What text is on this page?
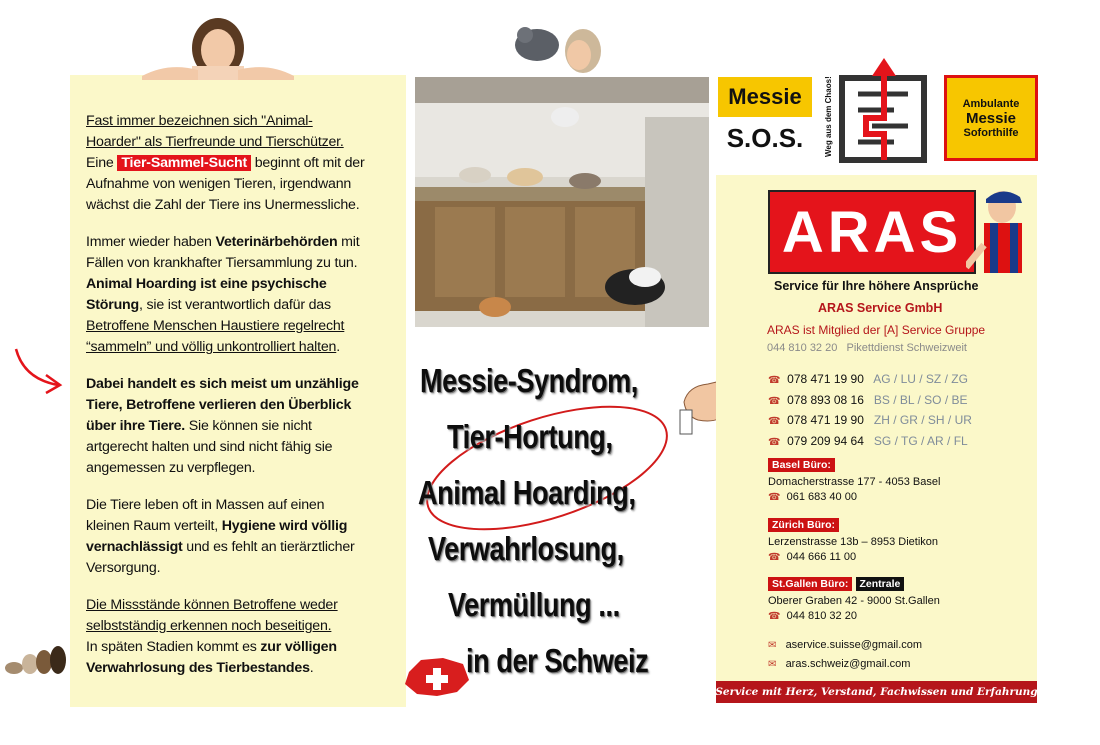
Fast immer bezeichnen sich "Animal-
Hoarder" als Tierfreunde und Tierschützer.
Eine Tier-Sammel-Sucht beginnt oft mit der
Aufnahme von wenigen Tieren, irgendwann
wächst die Zahl der Tiere ins Unermessliche.
Immer wieder haben Veterinärbehörden mit
Fällen von krankhafter Tiersammlung zu tun.
Animal Hoarding ist eine psychische
Störung, sie ist verantwortlich dafür das
Betroffene Menschen Haustiere regelrecht
“sammeln” und völlig unkontrolliert halten.
Dabei handelt es sich meist um unzählige
Tiere, Betroffene verlieren den Überblick
über ihre Tiere. Sie können sie nicht
artgerecht halten und sind nicht fähig sie
angemessen zu verpflegen.
Die Tiere leben oft in Massen auf einen
kleinen Raum verteilt, Hygiene wird völlig
vernachlässigt und es fehlt an tierärztlicher
Versorgung.
Die Missstände können Betroffene weder
selbstständig erkennen noch beseitigen.
In späten Stadien kommt es zur völligen
Verwahrlosung des Tierbestandes.
Messie-Syndrom,
Tier-Hortung,
Animal Hoarding,
Verwahrlosung,
Vermüllung ...
in der Schweiz
Messie
S.O.S.	Weg aus dem Chaos!	Ambulante
Messie
Soforthilfe
ARAS
Service für Ihre höhere Ansprüche
ARAS Service GmbH
ARAS ist Mitglied der [A] Service Gruppe
044 810 32 20 Pikettdienst Schweizweit
☎ 078 471 19 90 AG / LU / SZ / ZG
☎ 078 893 08 16 BS / BL / SO / BE
☎ 078 471 19 90 ZH / GR / SH / UR
☎ 079 209 94 64 SG / TG / AR / FL
Basel Büro:
Domacherstrasse 177 - 4053 Basel
☎ 061 683 40 00
Zürich Büro:
Lerzenstrasse 13b – 8953 Dietikon
☎ 044 666 11 00
St.Gallen Büro: Zentrale
Oberer Graben 42 - 9000 St.Gallen
☎ 044 810 32 20
✉ aservice.suisse@gmail.com
✉ aras.schweiz@gmail.com
Service mit Herz, Verstand, Fachwissen und Erfahrung
